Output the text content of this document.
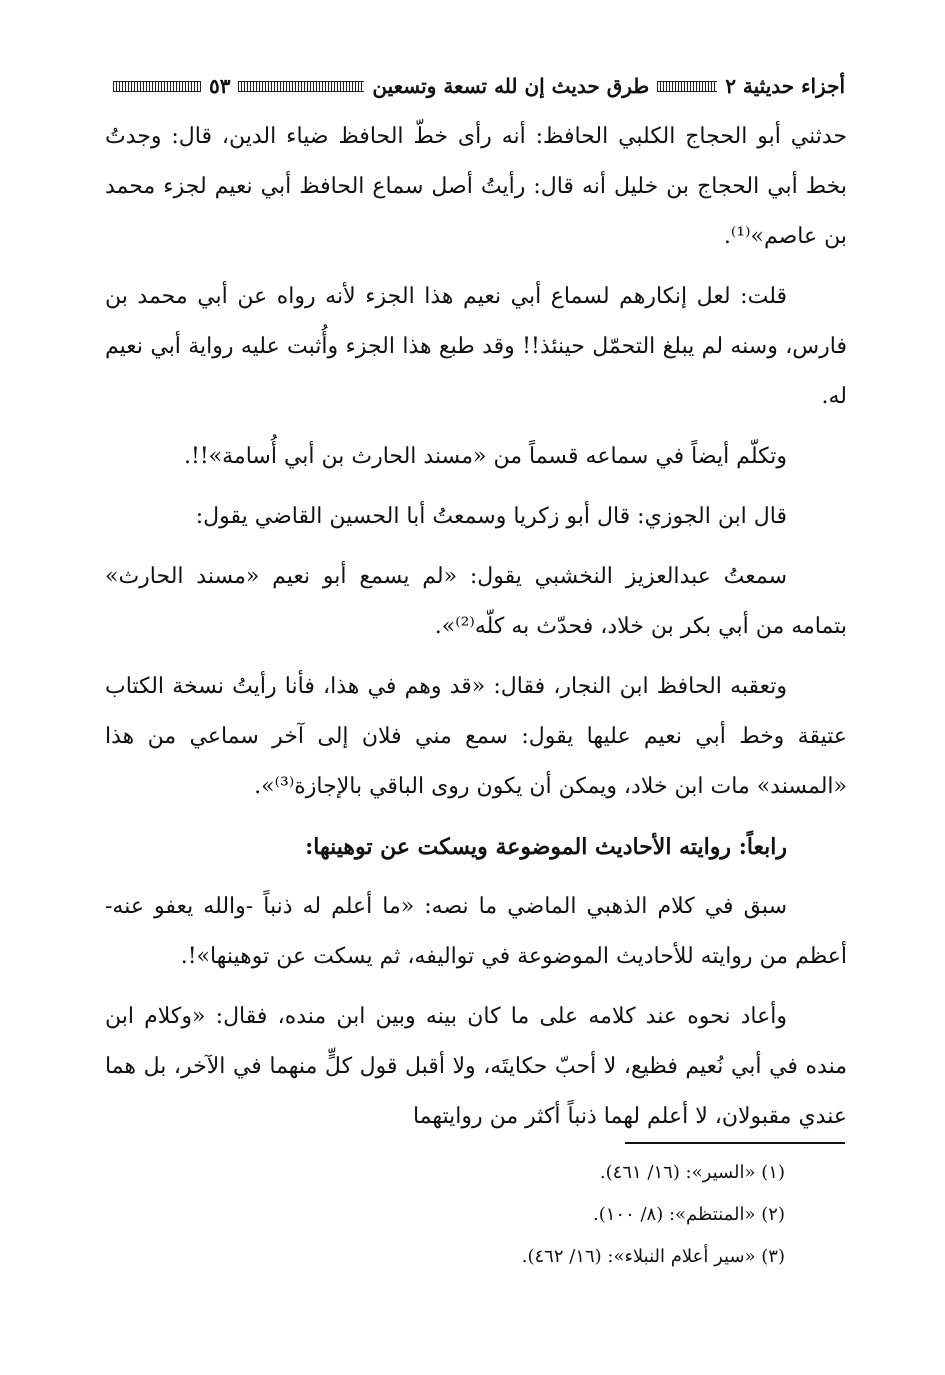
أجزاء حديثية ٢
طرق حديث إن لله تسعة وتسعين
٥٣

حدثني أبو الحجاج الكلبي الحافظ: أنه رأى خطّ الحافظ ضياء الدين، قال: وجدتُ بخط أبي الحجاج بن خليل أنه قال: رأيتُ أصل سماع الحافظ أبي نعيم لجزء محمد بن عاصم»⁽¹⁾.

قلت: لعل إنكارهم لسماع أبي نعيم هذا الجزء لأنه رواه عن أبي محمد بن فارس، وسنه لم يبلغ التحمّل حينئذ!! وقد طبع هذا الجزء وأُثبت عليه رواية أبي نعيم له.

وتكلّم أيضاً في سماعه قسماً من «مسند الحارث بن أبي أُسامة»!!.

قال ابن الجوزي: قال أبو زكريا وسمعتُ أبا الحسين القاضي يقول:

سمعتُ عبدالعزيز النخشبي يقول: «لم يسمع أبو نعيم «مسند الحارث» بتمامه من أبي بكر بن خلاد، فحدّث به كلّه⁽²⁾».

وتعقبه الحافظ ابن النجار، فقال: «قد وهم في هذا، فأنا رأيتُ نسخة الكتاب عتيقة وخط أبي نعيم عليها يقول: سمع مني فلان إلى آخر سماعي من هذا «المسند» مات ابن خلاد، ويمكن أن يكون روى الباقي بالإجازة⁽³⁾».

رابعاً: روايته الأحاديث الموضوعة ويسكت عن توهينها:

سبق في كلام الذهبي الماضي ما نصه: «ما أعلم له ذنباً -والله يعفو عنه- أعظم من روايته للأحاديث الموضوعة في تواليفه، ثم يسكت عن توهينها»!.

وأعاد نحوه عند كلامه على ما كان بينه وبين ابن منده، فقال: «وكلام ابن منده في أبي نُعيم فظيع، لا أحبّ حكايتَه، ولا أقبل قول كلٍّ منهما في الآخر، بل هما عندي مقبولان، لا أعلم لهما ذنباً أكثر من روايتهما

(١) «السير»: (١٦/ ٤٦١).

(٢) «المنتظم»: (٨/ ١٠٠).

(٣) «سير أعلام النبلاء»: (١٦/ ٤٦٢).
